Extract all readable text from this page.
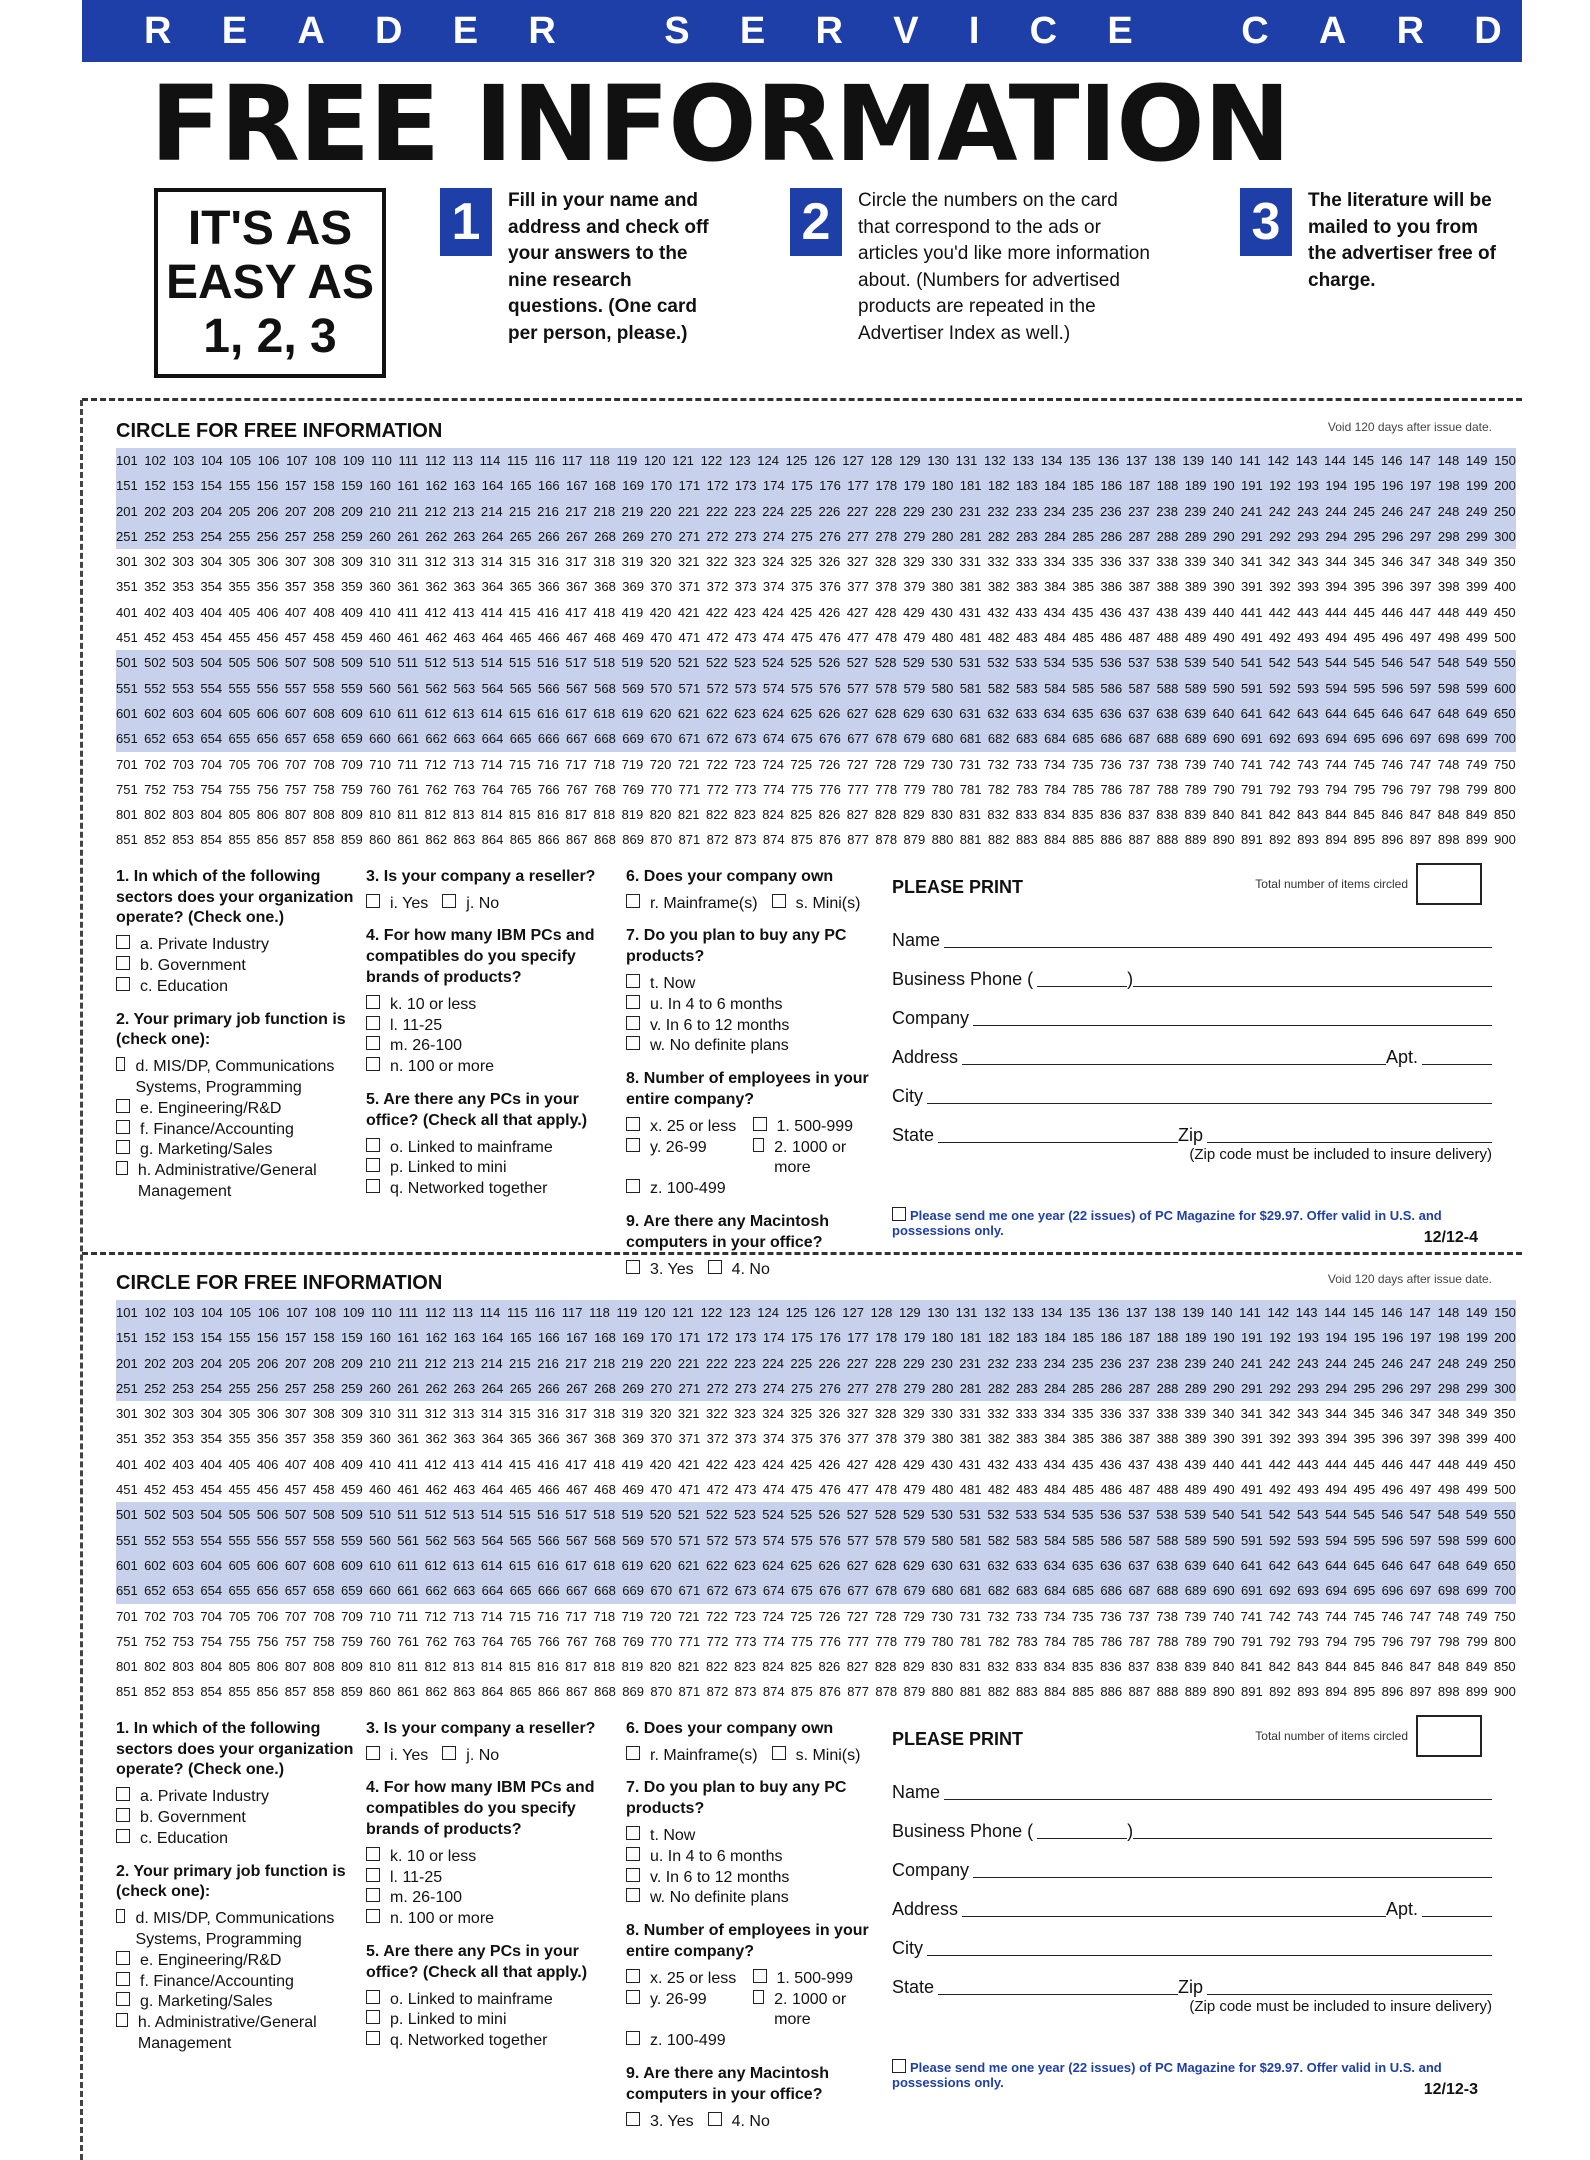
R E A D E R	S E R V I C E	C A R D
FREE INFORMATION
IT'S AS
EASY AS
1, 2, 3
1	Fill in your name and address and check off your answers to the nine research questions. (One card per person, please.)
2	Circle the numbers on the card that correspond to the ads or articles you'd like more information about. (Numbers for advertised products are repeated in the Advertiser Index as well.)
3	The literature will be mailed to you from the advertiser free of charge.
CIRCLE FOR FREE INFORMATION	Void 120 days after issue date.
101 102 103 104 105 106 107 108 109 110 111 112 113 114 115 116 117 118 119 120 121 122 123 124 125 126 127 128 129 130 131 132 133 134 135 136 137 138 139 140 141 142 143 144 145 146 147 148 149 150
151 152 153 154 155 156 157 158 159 160 161 162 163 164 165 166 167 168 169 170 171 172 173 174 175 176 177 178 179 180 181 182 183 184 185 186 187 188 189 190 191 192 193 194 195 196 197 198 199 200
201 202 203 204 205 206 207 208 209 210 211 212 213 214 215 216 217 218 219 220 221 222 223 224 225 226 227 228 229 230 231 232 233 234 235 236 237 238 239 240 241 242 243 244 245 246 247 248 249 250
251 252 253 254 255 256 257 258 259 260 261 262 263 264 265 266 267 268 269 270 271 272 273 274 275 276 277 278 279 280 281 282 283 284 285 286 287 288 289 290 291 292 293 294 295 296 297 298 299 300
301 302 303 304 305 306 307 308 309 310 311 312 313 314 315 316 317 318 319 320 321 322 323 324 325 326 327 328 329 330 331 332 333 334 335 336 337 338 339 340 341 342 343 344 345 346 347 348 349 350
351 352 353 354 355 356 357 358 359 360 361 362 363 364 365 366 367 368 369 370 371 372 373 374 375 376 377 378 379 380 381 382 383 384 385 386 387 388 389 390 391 392 393 394 395 396 397 398 399 400
401 402 403 404 405 406 407 408 409 410 411 412 413 414 415 416 417 418 419 420 421 422 423 424 425 426 427 428 429 430 431 432 433 434 435 436 437 438 439 440 441 442 443 444 445 446 447 448 449 450
451 452 453 454 455 456 457 458 459 460 461 462 463 464 465 466 467 468 469 470 471 472 473 474 475 476 477 478 479 480 481 482 483 484 485 486 487 488 489 490 491 492 493 494 495 496 497 498 499 500
501 502 503 504 505 506 507 508 509 510 511 512 513 514 515 516 517 518 519 520 521 522 523 524 525 526 527 528 529 530 531 532 533 534 535 536 537 538 539 540 541 542 543 544 545 546 547 548 549 550
551 552 553 554 555 556 557 558 559 560 561 562 563 564 565 566 567 568 569 570 571 572 573 574 575 576 577 578 579 580 581 582 583 584 585 586 587 588 589 590 591 592 593 594 595 596 597 598 599 600
601 602 603 604 605 606 607 608 609 610 611 612 613 614 615 616 617 618 619 620 621 622 623 624 625 626 627 628 629 630 631 632 633 634 635 636 637 638 639 640 641 642 643 644 645 646 647 648 649 650
651 652 653 654 655 656 657 658 659 660 661 662 663 664 665 666 667 668 669 670 671 672 673 674 675 676 677 678 679 680 681 682 683 684 685 686 687 688 689 690 691 692 693 694 695 696 697 698 699 700
701 702 703 704 705 706 707 708 709 710 711 712 713 714 715 716 717 718 719 720 721 722 723 724 725 726 727 728 729 730 731 732 733 734 735 736 737 738 739 740 741 742 743 744 745 746 747 748 749 750
751 752 753 754 755 756 757 758 759 760 761 762 763 764 765 766 767 768 769 770 771 772 773 774 775 776 777 778 779 780 781 782 783 784 785 786 787 788 789 790 791 792 793 794 795 796 797 798 799 800
801 802 803 804 805 806 807 808 809 810 811 812 813 814 815 816 817 818 819 820 821 822 823 824 825 826 827 828 829 830 831 832 833 834 835 836 837 838 839 840 841 842 843 844 845 846 847 848 849 850
851 852 853 854 855 856 857 858 859 860 861 862 863 864 865 866 867 868 869 870 871 872 873 874 875 876 877 878 879 880 881 882 883 884 885 886 887 888 889 890 891 892 893 894 895 896 897 898 899 900
1. In which of the following sectors does your organization operate? (Check one.)
a. Private Industry
b. Government
c. Education
2. Your primary job function is (check one):
d. MIS/DP, Communications Systems, Programming
e. Engineering/R&D
f. Finance/Accounting
g. Marketing/Sales
h. Administrative/General Management
3. Is your company a reseller?
i. Yes j. No
4. For how many IBM PCs and compatibles do you specify brands of products?
k. 10 or less
l. 11-25
m. 26-100
n. 100 or more
5. Are there any PCs in your office? (Check all that apply.)
o. Linked to mainframe
p. Linked to mini
q. Networked together
6. Does your company own
r. Mainframe(s) s. Mini(s)
7. Do you plan to buy any PC products?
t. Now
u. In 4 to 6 months
v. In 6 to 12 months
w. No definite plans
8. Number of employees in your entire company?
x. 25 or less	1. 500-999
y. 26-99	2. 1000 or more
z. 100-499
9. Are there any Macintosh computers in your office?
3. Yes 4. No
Total number of items circled
PLEASE PRINT
Name
Business Phone (	)
Company
Address	Apt.
City
State	Zip
(Zip code must be included to insure delivery)
Please send me one year (22 issues) of PC Magazine for $29.97. Offer valid in U.S. and possessions only.	12/12-4
CIRCLE FOR FREE INFORMATION	Void 120 days after issue date.
101 102 103 104 105 106 107 108 109 110 111 112 113 114 115 116 117 118 119 120 121 122 123 124 125 126 127 128 129 130 131 132 133 134 135 136 137 138 139 140 141 142 143 144 145 146 147 148 149 150
151 152 153 154 155 156 157 158 159 160 161 162 163 164 165 166 167 168 169 170 171 172 173 174 175 176 177 178 179 180 181 182 183 184 185 186 187 188 189 190 191 192 193 194 195 196 197 198 199 200
201 202 203 204 205 206 207 208 209 210 211 212 213 214 215 216 217 218 219 220 221 222 223 224 225 226 227 228 229 230 231 232 233 234 235 236 237 238 239 240 241 242 243 244 245 246 247 248 249 250
251 252 253 254 255 256 257 258 259 260 261 262 263 264 265 266 267 268 269 270 271 272 273 274 275 276 277 278 279 280 281 282 283 284 285 286 287 288 289 290 291 292 293 294 295 296 297 298 299 300
301 302 303 304 305 306 307 308 309 310 311 312 313 314 315 316 317 318 319 320 321 322 323 324 325 326 327 328 329 330 331 332 333 334 335 336 337 338 339 340 341 342 343 344 345 346 347 348 349 350
351 352 353 354 355 356 357 358 359 360 361 362 363 364 365 366 367 368 369 370 371 372 373 374 375 376 377 378 379 380 381 382 383 384 385 386 387 388 389 390 391 392 393 394 395 396 397 398 399 400
401 402 403 404 405 406 407 408 409 410 411 412 413 414 415 416 417 418 419 420 421 422 423 424 425 426 427 428 429 430 431 432 433 434 435 436 437 438 439 440 441 442 443 444 445 446 447 448 449 450
451 452 453 454 455 456 457 458 459 460 461 462 463 464 465 466 467 468 469 470 471 472 473 474 475 476 477 478 479 480 481 482 483 484 485 486 487 488 489 490 491 492 493 494 495 496 497 498 499 500
501 502 503 504 505 506 507 508 509 510 511 512 513 514 515 516 517 518 519 520 521 522 523 524 525 526 527 528 529 530 531 532 533 534 535 536 537 538 539 540 541 542 543 544 545 546 547 548 549 550
551 552 553 554 555 556 557 558 559 560 561 562 563 564 565 566 567 568 569 570 571 572 573 574 575 576 577 578 579 580 581 582 583 584 585 586 587 588 589 590 591 592 593 594 595 596 597 598 599 600
601 602 603 604 605 606 607 608 609 610 611 612 613 614 615 616 617 618 619 620 621 622 623 624 625 626 627 628 629 630 631 632 633 634 635 636 637 638 639 640 641 642 643 644 645 646 647 648 649 650
651 652 653 654 655 656 657 658 659 660 661 662 663 664 665 666 667 668 669 670 671 672 673 674 675 676 677 678 679 680 681 682 683 684 685 686 687 688 689 690 691 692 693 694 695 696 697 698 699 700
701 702 703 704 705 706 707 708 709 710 711 712 713 714 715 716 717 718 719 720 721 722 723 724 725 726 727 728 729 730 731 732 733 734 735 736 737 738 739 740 741 742 743 744 745 746 747 748 749 750
751 752 753 754 755 756 757 758 759 760 761 762 763 764 765 766 767 768 769 770 771 772 773 774 775 776 777 778 779 780 781 782 783 784 785 786 787 788 789 790 791 792 793 794 795 796 797 798 799 800
801 802 803 804 805 806 807 808 809 810 811 812 813 814 815 816 817 818 819 820 821 822 823 824 825 826 827 828 829 830 831 832 833 834 835 836 837 838 839 840 841 842 843 844 845 846 847 848 849 850
851 852 853 854 855 856 857 858 859 860 861 862 863 864 865 866 867 868 869 870 871 872 873 874 875 876 877 878 879 880 881 882 883 884 885 886 887 888 889 890 891 892 893 894 895 896 897 898 899 900
1. In which of the following sectors does your organization operate? (Check one.)
a. Private Industry
b. Government
c. Education
2. Your primary job function is (check one):
d. MIS/DP, Communications Systems, Programming
e. Engineering/R&D
f. Finance/Accounting
g. Marketing/Sales
h. Administrative/General Management
3. Is your company a reseller?
i. Yes j. No
4. For how many IBM PCs and compatibles do you specify brands of products?
k. 10 or less
l. 11-25
m. 26-100
n. 100 or more
5. Are there any PCs in your office? (Check all that apply.)
o. Linked to mainframe
p. Linked to mini
q. Networked together
6. Does your company own
r. Mainframe(s) s. Mini(s)
7. Do you plan to buy any PC products?
t. Now
u. In 4 to 6 months
v. In 6 to 12 months
w. No definite plans
8. Number of employees in your entire company?
x. 25 or less	1. 500-999
y. 26-99	2. 1000 or more
z. 100-499
9. Are there any Macintosh computers in your office?
3. Yes 4. No
Total number of items circled
PLEASE PRINT
Name
Business Phone (	)
Company
Address	Apt.
City
State	Zip
(Zip code must be included to insure delivery)
Please send me one year (22 issues) of PC Magazine for $29.97. Offer valid in U.S. and possessions only.	12/12-3
